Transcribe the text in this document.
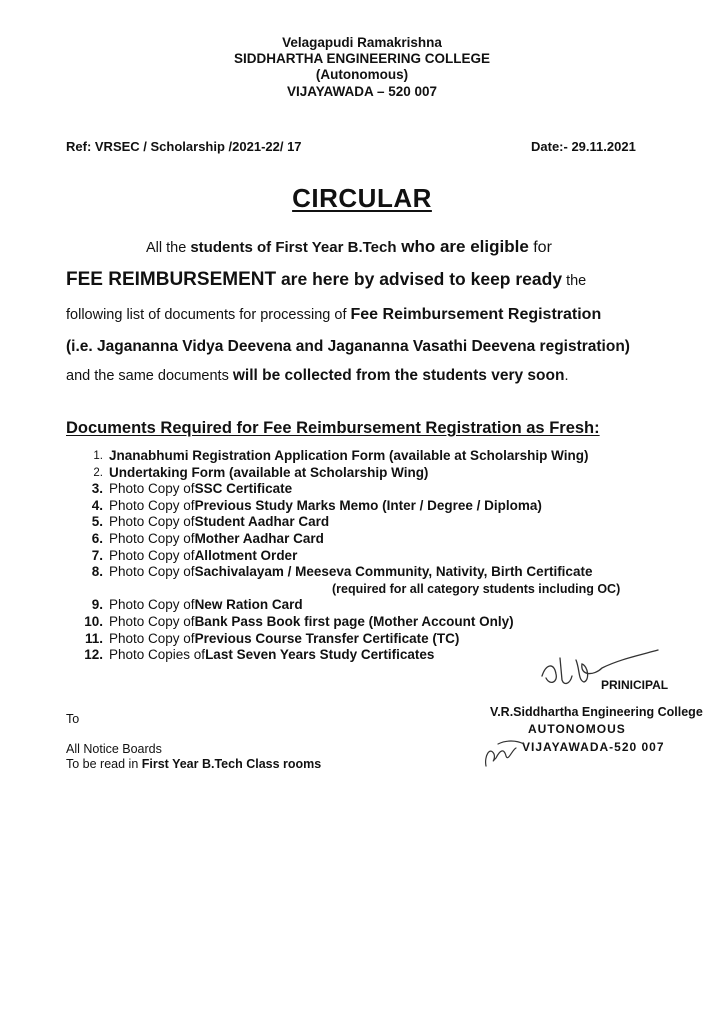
Velagapudi Ramakrishna
SIDDHARTHA ENGINEERING COLLEGE
(Autonomous)
VIJAYAWADA – 520 007
Ref: VRSEC / Scholarship /2021-22/ 17	Date:- 29.11.2021
CIRCULAR
All the students of First Year B.Tech who are eligible for
FEE REIMBURSEMENT are here by advised to keep ready the
following list of documents for processing of Fee Reimbursement Registration
(i.e. Jagananna Vidya Deevena and Jagananna Vasathi Deevena registration)
and the same documents will be collected from the students very soon.
Documents Required for Fee Reimbursement Registration as Fresh:
1. Jnanabhumi Registration Application Form (available at Scholarship Wing)
2. Undertaking Form (available at Scholarship Wing)
3. Photo Copy of SSC Certificate
4. Photo Copy of Previous Study Marks Memo (Inter / Degree / Diploma)
5. Photo Copy of Student Aadhar Card
6. Photo Copy of Mother Aadhar Card
7. Photo Copy of Allotment Order
8. Photo Copy of Sachivalayam / Meeseva Community, Nativity, Birth Certificate
(required for all category students including OC)
9. Photo Copy of New Ration Card
10. Photo Copy of Bank Pass Book first page (Mother Account Only)
11. Photo Copy of Previous Course Transfer Certificate (TC)
12. Photo Copies of Last Seven Years Study Certificates
PRINICIPAL
V.R.Siddhartha Engineering College
AUTONOMOUS
VIJAYAWADA-520 007
To
All Notice Boards
To be read in First Year B.Tech Class rooms
